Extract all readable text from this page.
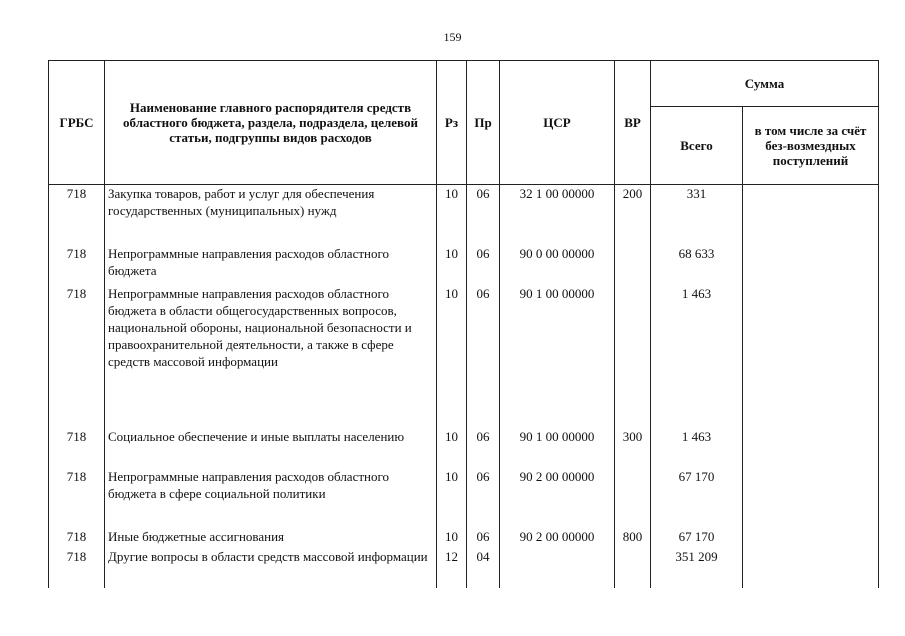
159
ГРБС	Наименование главного распорядителя средств областного бюджета, раздела, подраздела, целевой статьи, подгруппы видов расходов	Рз	Пр	ЦСР	ВР	Сумма	
						Всего	в том числе за счёт без-возмездных поступлений
718	Закупка товаров, работ и услуг для обеспечения государственных (муниципальных) нужд	10	06	32 1 00 00000	200	331	
718	Непрограммные направления расходов областного бюджета	10	06	90 0 00 00000		68 633	
718	Непрограммные направления расходов областного бюджета в области общегосударственных вопросов, национальной обороны, национальной безопасности и правоохранительной деятельности, а также в сфере средств массовой информации	10	06	90 1 00 00000		1 463	
718	Социальное обеспечение и иные выплаты населению	10	06	90 1 00 00000	300	1 463	
718	Непрограммные направления расходов областного бюджета в сфере социальной политики	10	06	90 2 00 00000		67 170	
718	Иные бюджетные ассигнования	10	06	90 2 00 00000	800	67 170	
718	Другие вопросы в области средств массовой информации	12	04			351 209	
